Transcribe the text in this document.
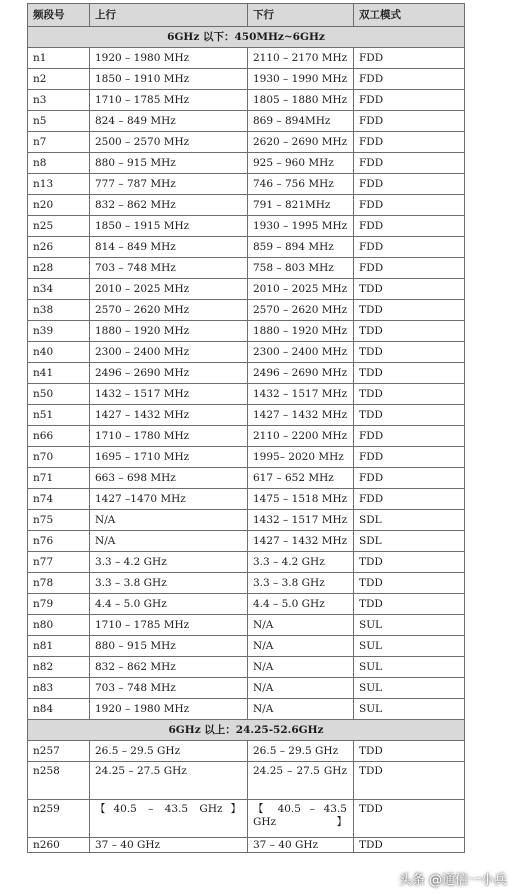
频段号	上行	下行	双工模式
6GHz 以下：450MHz~6GHz			
n1	1920 – 1980 MHz	2110 – 2170 MHz	FDD
n2	1850 – 1910 MHz	1930 – 1990 MHz	FDD
n3	1710 – 1785 MHz	1805 – 1880 MHz	FDD
n5	824 – 849 MHz	869 – 894MHz	FDD
n7	2500 – 2570 MHz	2620 – 2690 MHz	FDD
n8	880 – 915 MHz	925 – 960 MHz	FDD
n13	777 – 787 MHz	746 – 756 MHz	FDD
n20	832 – 862 MHz	791 – 821MHz	FDD
n25	1850 – 1915 MHz	1930 – 1995 MHz	FDD
n26	814 – 849 MHz	859 – 894 MHz	FDD
n28	703 – 748 MHz	758 – 803 MHz	FDD
n34	2010 – 2025 MHz	2010 – 2025 MHz	TDD
n38	2570 – 2620 MHz	2570 – 2620 MHz	TDD
n39	1880 – 1920 MHz	1880 – 1920 MHz	TDD
n40	2300 – 2400 MHz	2300 – 2400 MHz	TDD
n41	2496 – 2690 MHz	2496 – 2690 MHz	TDD
n50	1432 – 1517 MHz	1432 – 1517 MHz	TDD
n51	1427 – 1432 MHz	1427 – 1432 MHz	TDD
n66	1710 – 1780 MHz	2110 – 2200 MHz	FDD
n70	1695 – 1710 MHz	1995– 2020 MHz	FDD
n71	663 – 698 MHz	617 – 652 MHz	FDD
n74	1427 –1470 MHz	1475 – 1518 MHz	FDD
n75	N/A	1432 – 1517 MHz	SDL
n76	N/A	1427 – 1432 MHz	SDL
n77	3.3 – 4.2 GHz	3.3 – 4.2 GHz	TDD
n78	3.3 – 3.8 GHz	3.3 – 3.8 GHz	TDD
n79	4.4 – 5.0 GHz	4.4 – 5.0 GHz	TDD
n80	1710 – 1785 MHz	N/A	SUL
n81	880 – 915 MHz	N/A	SUL
n82	832 – 862 MHz	N/A	SUL
n83	703 – 748 MHz	N/A	SUL
n84	1920 – 1980 MHz	N/A	SUL
6GHz 以上：24.25-52.6GHz			
n257	26.5 – 29.5 GHz	26.5 – 29.5 GHz	TDD
n258	24.25 – 27.5 GHz	24.25 – 27.5 GHz	TDD
n259	【40.5 – 43.5 GHz】	【 40.5 – 43.5 GHz】	TDD
n260	37 – 40 GHz	37 – 40 GHz	TDD
头条 @通信一小兵
